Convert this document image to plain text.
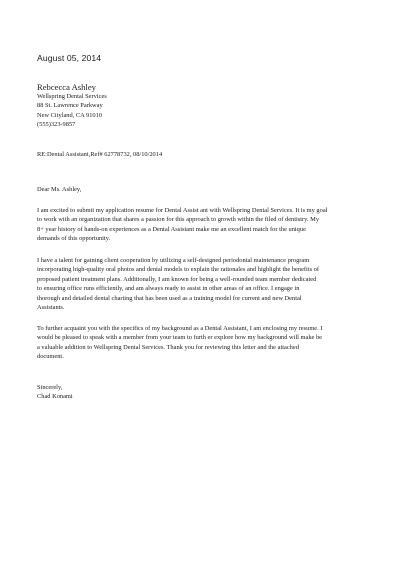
August 05, 2014
Rebcecca Ashley
Wellspring Dental Services
88 St. Lawrence Parkway
New Cityland, CA 91010
(555)323-9857
RE:Dental Assistant,Ref# 62778732, 08/10/2014
Dear Ms. Ashley,
I am excited to submit my application resume for Dental Assist ant with Wellspring Dental Services. It is my goal
to work with an organization that shares a passion for this approach to growth within the filed of dentistry. My
8+ year history of hands-on experiences as a Dental Assistant make me an excellent match for the unique
demands of this opportunity.
I have a talent for gaining client cooperation by utilizing a self-designed periodontal maintenance program
incorporating high-quality oral photos and dental models to explain the rationales and highlight the benefits of
proposed patient treatment plans. Additionally, I am known for being a well-rounded team member dedicated
to ensuring office runs efficiently, and am always ready to assist in other areas of an office. I engage in
thorough and detailed dental charting that has been used as a training model for current and new Dental
Assistants.
To further acquaint you with the specifics of my background as a Dental Assistant, I am enclosing my resume. I
would be pleased to speak with a member from your team to furth er explore how my background will make be
a valuable addition to Wellspring Dental Services. Thank you for reviewing this letter and the attached
document.
Sincerely,
Chad Konami
